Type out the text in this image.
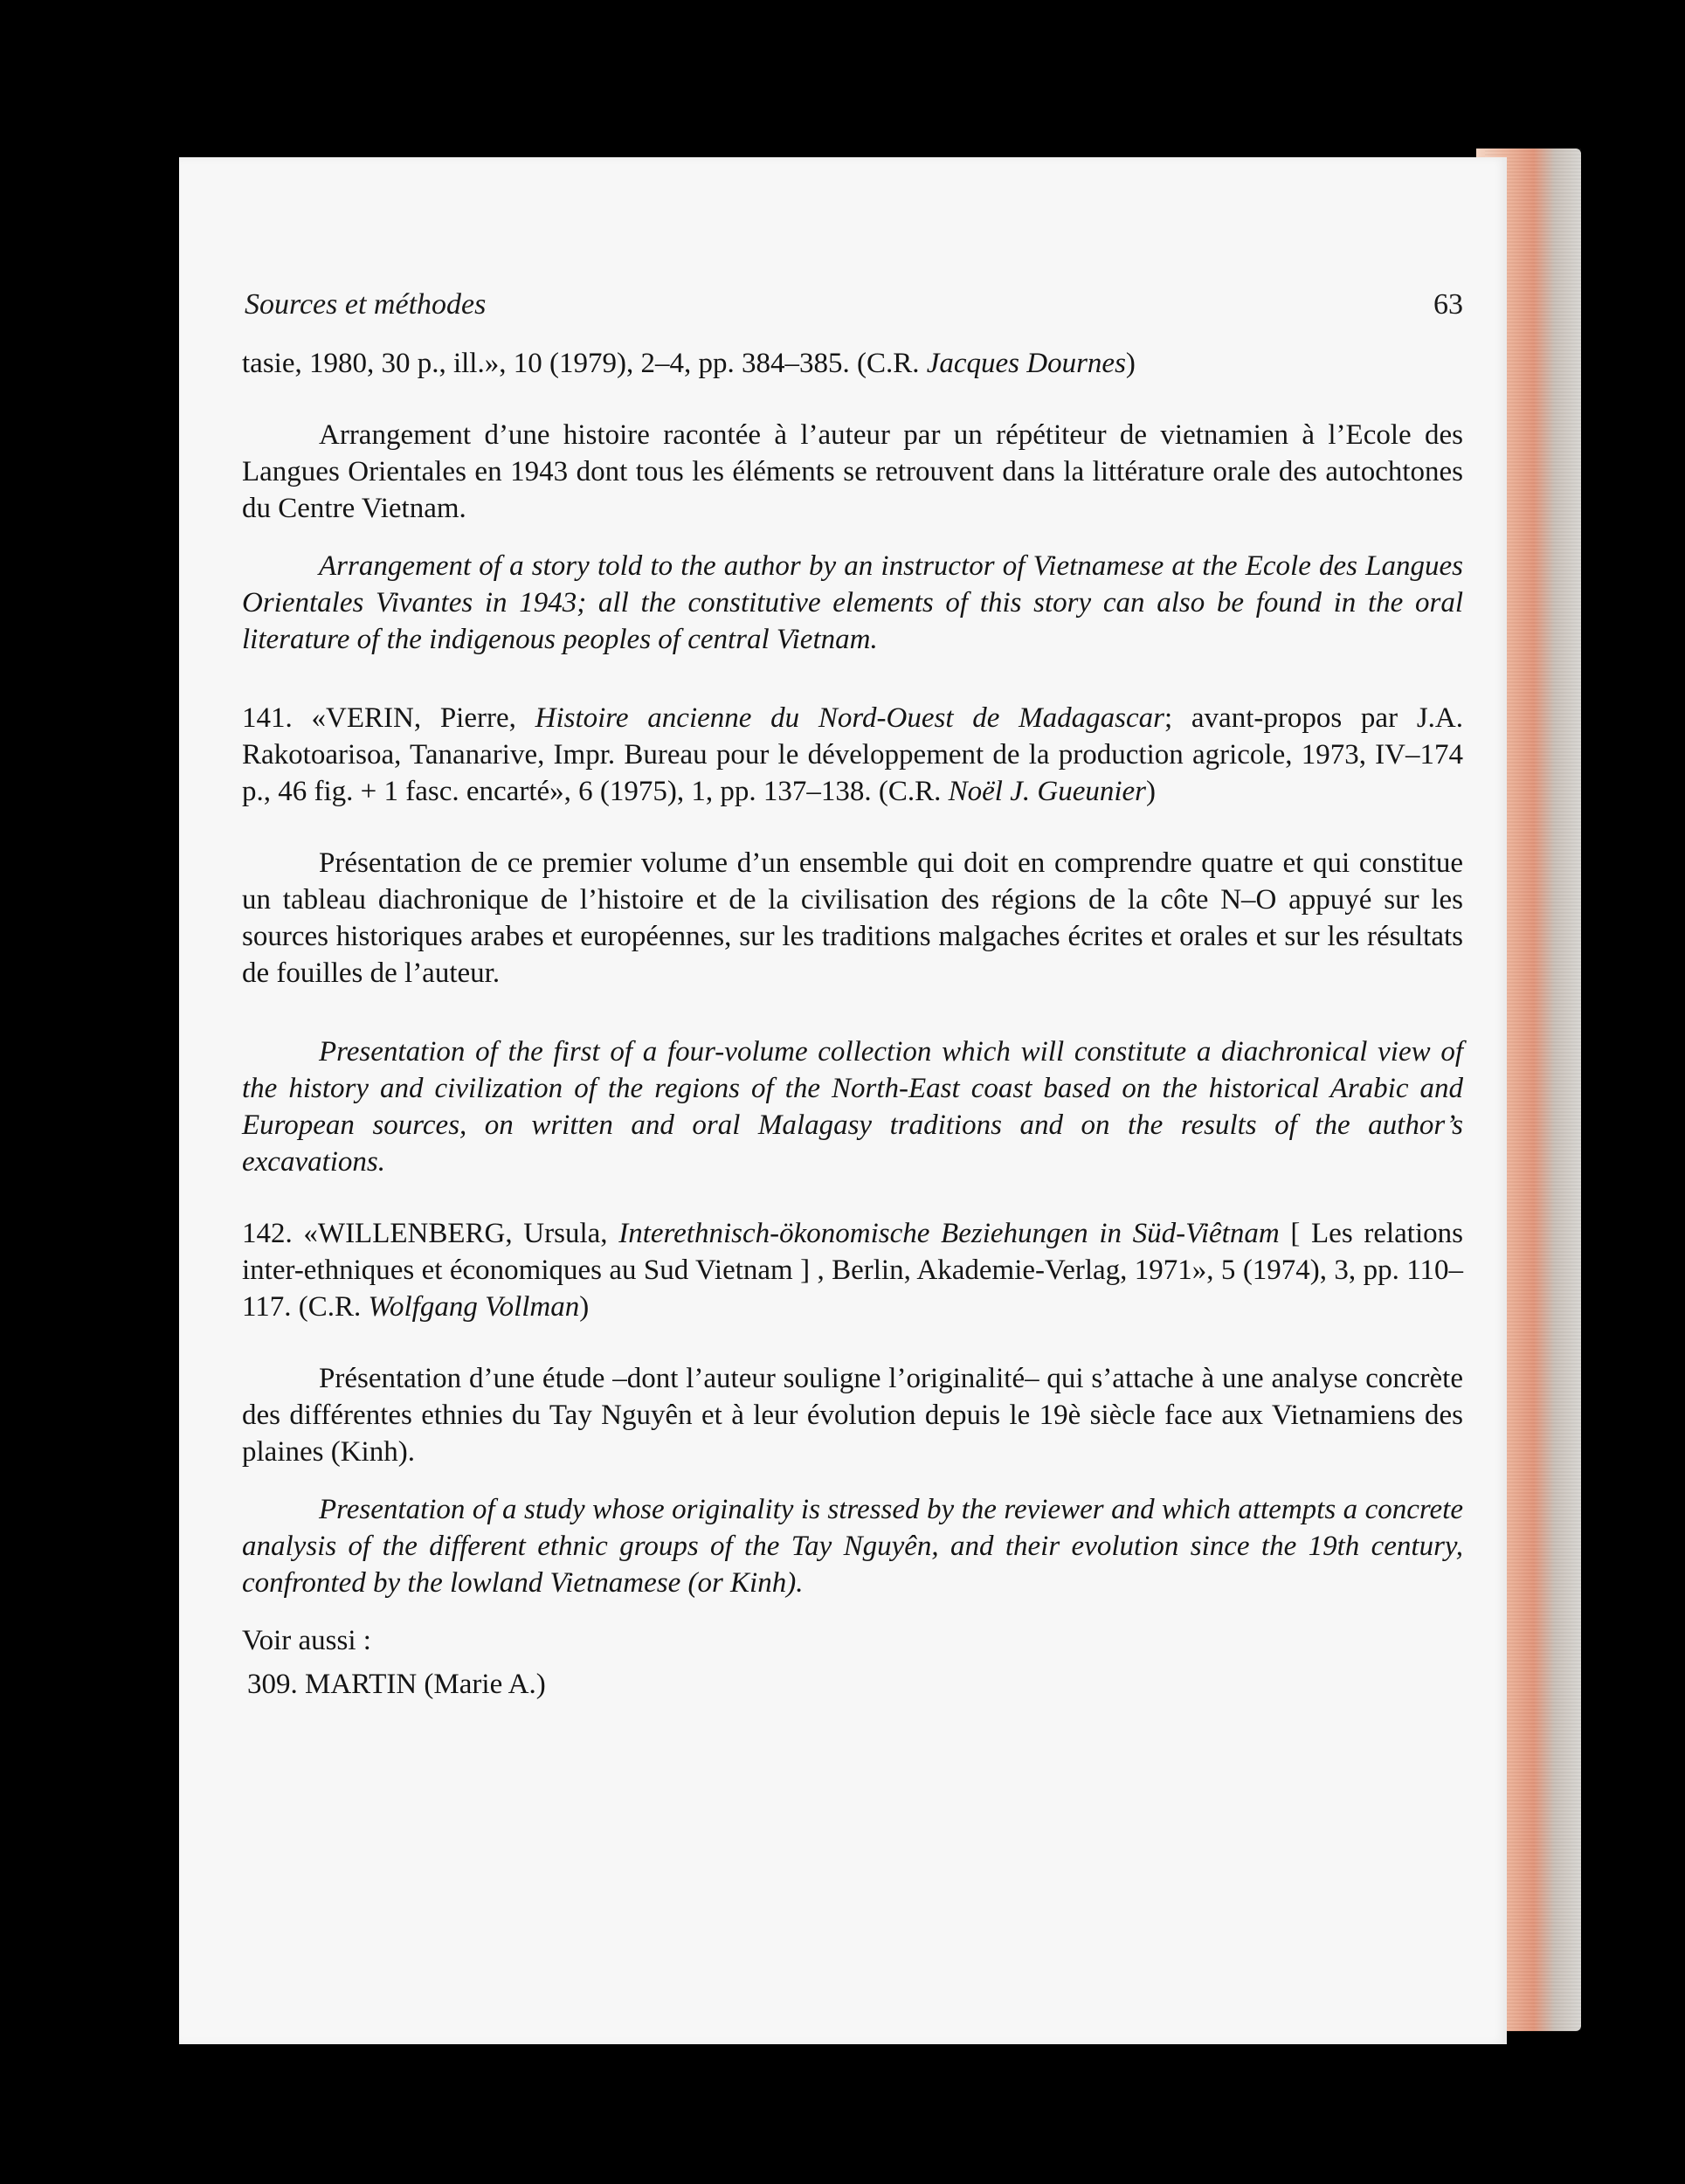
Sources et méthodes	63

tasie, 1980, 30 p., ill.», 10 (1979), 2–4, pp. 384–385. (C.R. Jacques Dournes)

Arrangement d’une histoire racontée à l’auteur par un répétiteur de vietnamien à l’Ecole des Langues Orientales en 1943 dont tous les éléments se retrouvent dans la littérature orale des autochtones du Centre Vietnam.

Arrangement of a story told to the author by an instructor of Vietnamese at the Ecole des Langues Orientales Vivantes in 1943; all the constitutive elements of this story can also be found in the oral literature of the indigenous peoples of central Vietnam.

141. «VERIN, Pierre, Histoire ancienne du Nord-Ouest de Madagascar; avant-propos par J.A. Rakotoarisoa, Tananarive, Impr. Bureau pour le développement de la production agricole, 1973, IV–174 p., 46 fig. + 1 fasc. encarté», 6 (1975), 1, pp. 137–138. (C.R. Noël J. Gueunier)

Présentation de ce premier volume d’un ensemble qui doit en comprendre quatre et qui constitue un tableau diachronique de l’histoire et de la civilisation des régions de la côte N–O appuyé sur les sources historiques arabes et européennes, sur les traditions malgaches écrites et orales et sur les résultats de fouilles de l’auteur.

Presentation of the first of a four-volume collection which will constitute a diachronical view of the history and civilization of the regions of the North-East coast based on the historical Arabic and European sources, on written and oral Malagasy traditions and on the results of the author’s excavations.

142. «WILLENBERG, Ursula, Interethnisch-ökonomische Beziehungen in Süd-Viêtnam [ Les relations inter-ethniques et économiques au Sud Vietnam ] , Berlin, Akademie-Verlag, 1971», 5 (1974), 3, pp. 110–117. (C.R. Wolfgang Vollman)

Présentation d’une étude –dont l’auteur souligne l’originalité– qui s’attache à une analyse concrète des différentes ethnies du Tay Nguyên et à leur évolution depuis le 19è siècle face aux Vietnamiens des plaines (Kinh).

Presentation of a study whose originality is stressed by the reviewer and which attempts a concrete analysis of the different ethnic groups of the Tay Nguyên, and their evolution since the 19th century, confronted by the lowland Vietnamese (or Kinh).

Voir aussi :

309. MARTIN (Marie A.)
